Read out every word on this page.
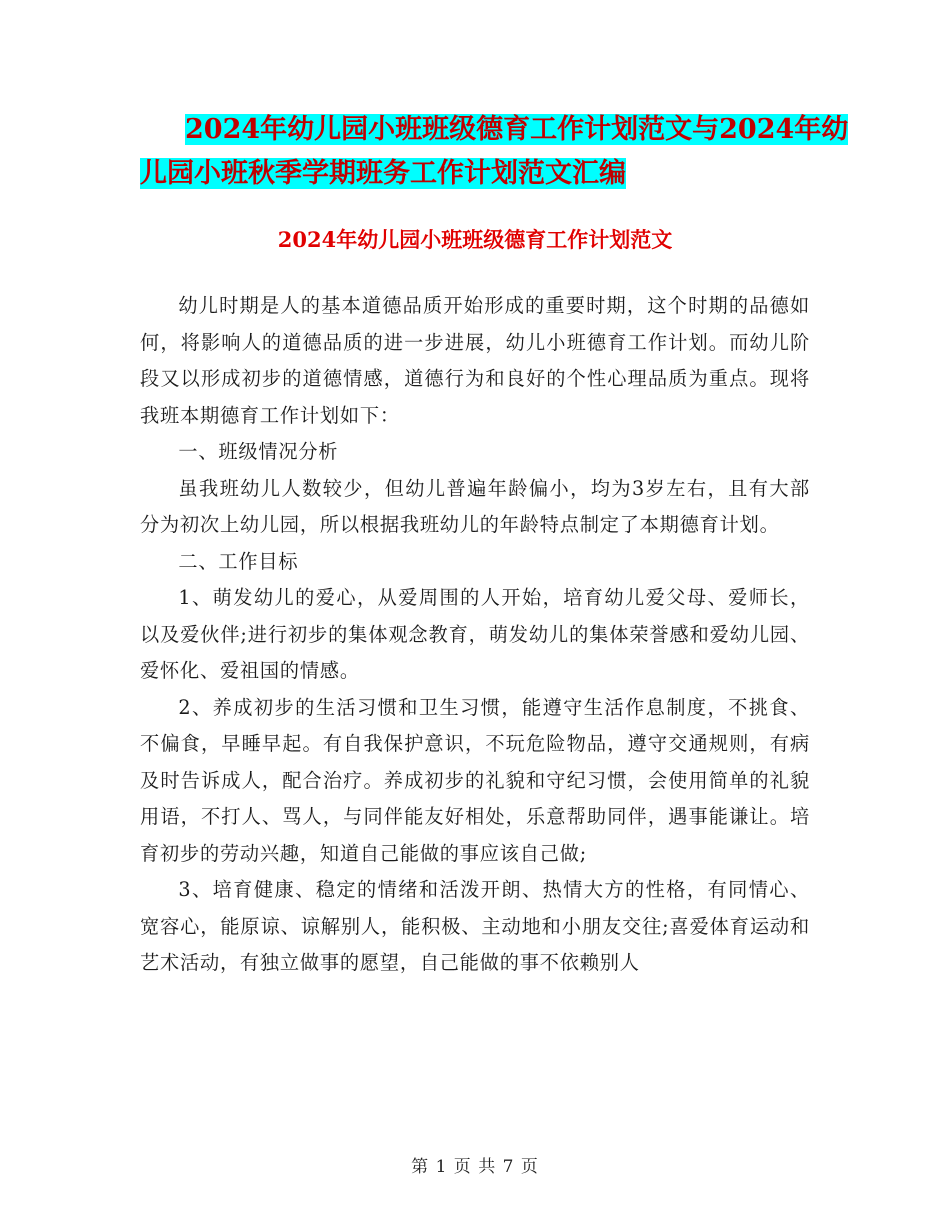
2024年幼儿园小班班级德育工作计划范文与2024年幼
儿园小班秋季学期班务工作计划范文汇编
2024年幼儿园小班班级德育工作计划范文

幼儿时期是人的基本道德品质开始形成的重要时期，这个时期的品德如何，将影响人的道德品质的进一步进展，幼儿小班德育工作计划。而幼儿阶段又以形成初步的道德情感，道德行为和良好的个性心理品质为重点。现将我班本期德育工作计划如下：

一、班级情况分析

虽我班幼儿人数较少，但幼儿普遍年龄偏小，均为3岁左右，且有大部分为初次上幼儿园，所以根据我班幼儿的年龄特点制定了本期德育计划。

二、工作目标

1、萌发幼儿的爱心，从爱周围的人开始，培育幼儿爱父母、爱师长，以及爱伙伴;进行初步的集体观念教育，萌发幼儿的集体荣誉感和爱幼儿园、爱怀化、爱祖国的情感。

2、养成初步的生活习惯和卫生习惯，能遵守生活作息制度，不挑食、不偏食，早睡早起。有自我保护意识，不玩危险物品，遵守交通规则，有病及时告诉成人，配合治疗。养成初步的礼貌和守纪习惯，会使用简单的礼貌用语，不打人、骂人，与同伴能友好相处，乐意帮助同伴，遇事能谦让。培育初步的劳动兴趣，知道自己能做的事应该自己做;

3、培育健康、稳定的情绪和活泼开朗、热情大方的性格，有同情心、宽容心，能原谅、谅解别人，能积极、主动地和小朋友交往;喜爱体育运动和艺术活动，有独立做事的愿望，自己能做的事不依赖别人

第 1 页 共 7 页
